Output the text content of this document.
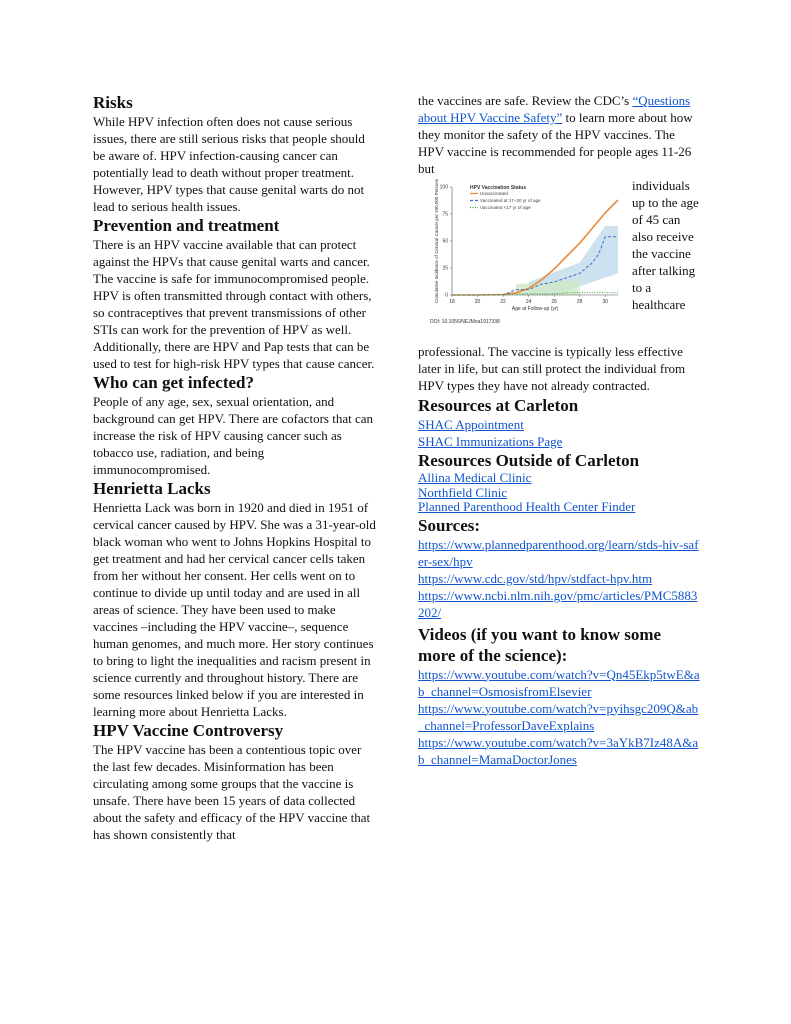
Risks

While HPV infection often does not cause serious issues, there are still serious risks that people should be aware of. HPV infection-causing cancer can potentially lead to death without proper treatment. However, HPV types that cause genital warts do not lead to serious health issues.

Prevention and treatment

There is an HPV vaccine available that can protect against the HPVs that cause genital warts and cancer. The vaccine is safe for immunocompromised people. HPV is often transmitted through contact with others, so contraceptives that prevent transmissions of other STIs can work for the prevention of HPV as well. Additionally, there are HPV and Pap tests that can be used to test for high-risk HPV types that cause cancer.

Who can get infected?

People of any age, sex, sexual orientation, and background can get HPV. There are cofactors that can increase the risk of HPV causing cancer such as tobacco use, radiation, and being immunocompromised.

Henrietta Lacks

Henrietta Lack was born in 1920 and died in 1951 of cervical cancer caused by HPV. She was a 31-year-old black woman who went to Johns Hopkins Hospital to get treatment and had her cervical cancer cells taken from her without her consent. Her cells went on to continue to divide up until today and are used in all areas of science. They have been used to make vaccines –including the HPV vaccine–, sequence human genomes, and much more. Her story continues to bring to light the inequalities and racism present in science currently and throughout history. There are some resources linked below if you are interested in learning more about Henrietta Lacks.

HPV Vaccine Controversy

The HPV vaccine has been a contentious topic over the last few decades. Misinformation has been circulating among some groups that the vaccine is unsafe. There have been 15 years of data collected about the safety and efficacy of the HPV vaccine that has shown consistently that

the vaccines are safe. Review the CDC’s “Questions about HPV Vaccine Safety” to learn more about how they monitor the safety of the HPV vaccines. The HPV vaccine is recommended for people ages 11-26 but

18	20	22	24	26	28	30
0
25
50
75
100
Age at Follow-up (yr)
Cumulative Incidence of Cervical Cancer per 100,000 Persons	HPV Vaccination Status
Unvaccinated
Vaccinated at 17–30 yr of age
Vaccinated <17 yr of age
DOI: 10.1056/NEJMoa1917338

individuals up to the age of 45 can also receive the vaccine after talking to a healthcare

professional. The vaccine is typically less effective later in life, but can still protect the individual from HPV types they have not already contracted.

Resources at Carleton
SHAC Appointment
SHAC Immunizations Page
Resources Outside of Carleton
Allina Medical Clinic
Northfield Clinic
Planned Parenthood Health Center Finder
Sources:
https://www.plannedparenthood.org/learn/stds-hiv-safer-sex/hpv
https://www.cdc.gov/std/hpv/stdfact-hpv.htm
https://www.ncbi.nlm.nih.gov/pmc/articles/PMC5883202/
Videos (if you want to know some more of the science):
https://www.youtube.com/watch?v=Qn45Ekp5twE&ab_channel=OsmosisfromElsevier
https://www.youtube.com/watch?v=pyihsgc209Q&ab_channel=ProfessorDaveExplains
https://www.youtube.com/watch?v=3aYkB7Iz48A&ab_channel=MamaDoctorJones
